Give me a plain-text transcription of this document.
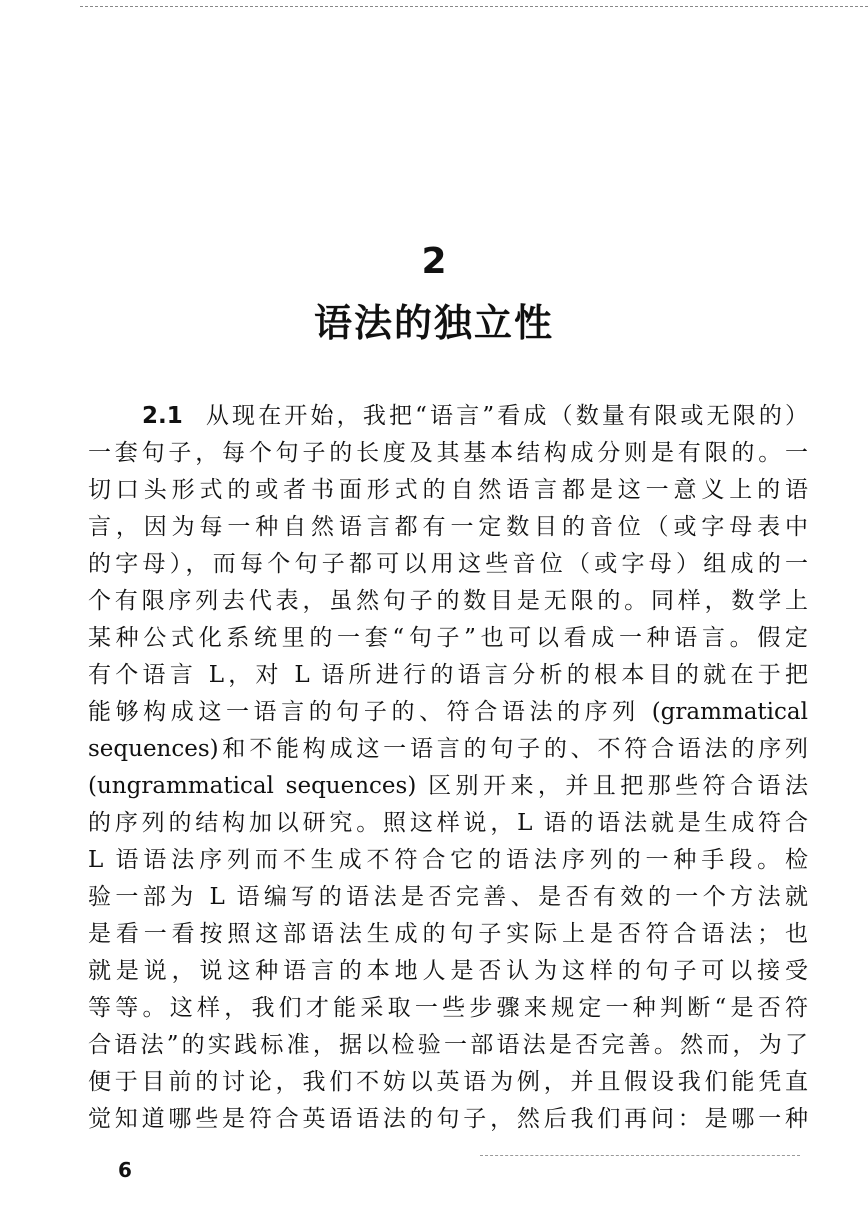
2
语法的独立性
2.1 从现在开始，我把“语言”看成（数量有限或无限的）
一套句子，每个句子的长度及其基本结构成分则是有限的。一
切口头形式的或者书面形式的自然语言都是这一意义上的语
言，因为每一种自然语言都有一定数目的音位（或字母表中
的字母），而每个句子都可以用这些音位（或字母）组成的一
个有限序列去代表，虽然句子的数目是无限的。同样，数学上
某种公式化系统里的一套“句子”也可以看成一种语言。假定
有个语言 L，对 L 语所进行的语言分析的根本目的就在于把
能够构成这一语言的句子的、符合语法的序列 (grammatical
sequences)和不能构成这一语言的句子的、不符合语法的序列
(ungrammatical sequences) 区别开来，并且把那些符合语法
的序列的结构加以研究。照这样说，L 语的语法就是生成符合
L 语语法序列而不生成不符合它的语法序列的一种手段。检
验一部为 L 语编写的语法是否完善、是否有效的一个方法就
是看一看按照这部语法生成的句子实际上是否符合语法；也
就是说，说这种语言的本地人是否认为这样的句子可以接受
等等。这样，我们才能采取一些步骤来规定一种判断“是否符
合语法”的实践标准，据以检验一部语法是否完善。然而，为了
便于目前的讨论，我们不妨以英语为例，并且假设我们能凭直
觉知道哪些是符合英语语法的句子，然后我们再问：是哪一种
6
